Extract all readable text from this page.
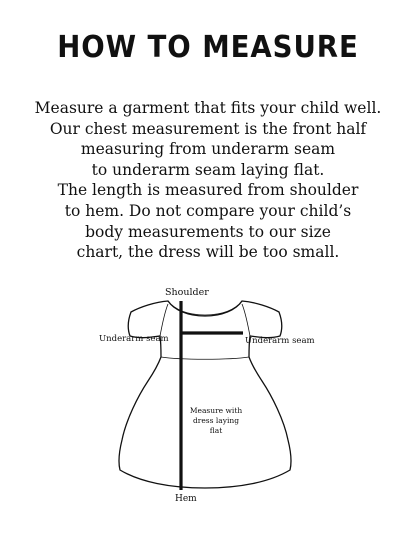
HOW TO MEASURE
Measure a garment that fits your child well.
Our chest measurement is the front half
measuring from underarm seam
to underarm seam laying flat.
The length is measured from shoulder
to hem. Do not compare your child’s
body measurements to our size
chart, the dress will be too small.
Shoulder
Underarm seam	Underarm seam
Measure with
dress laying
flat
Hem
